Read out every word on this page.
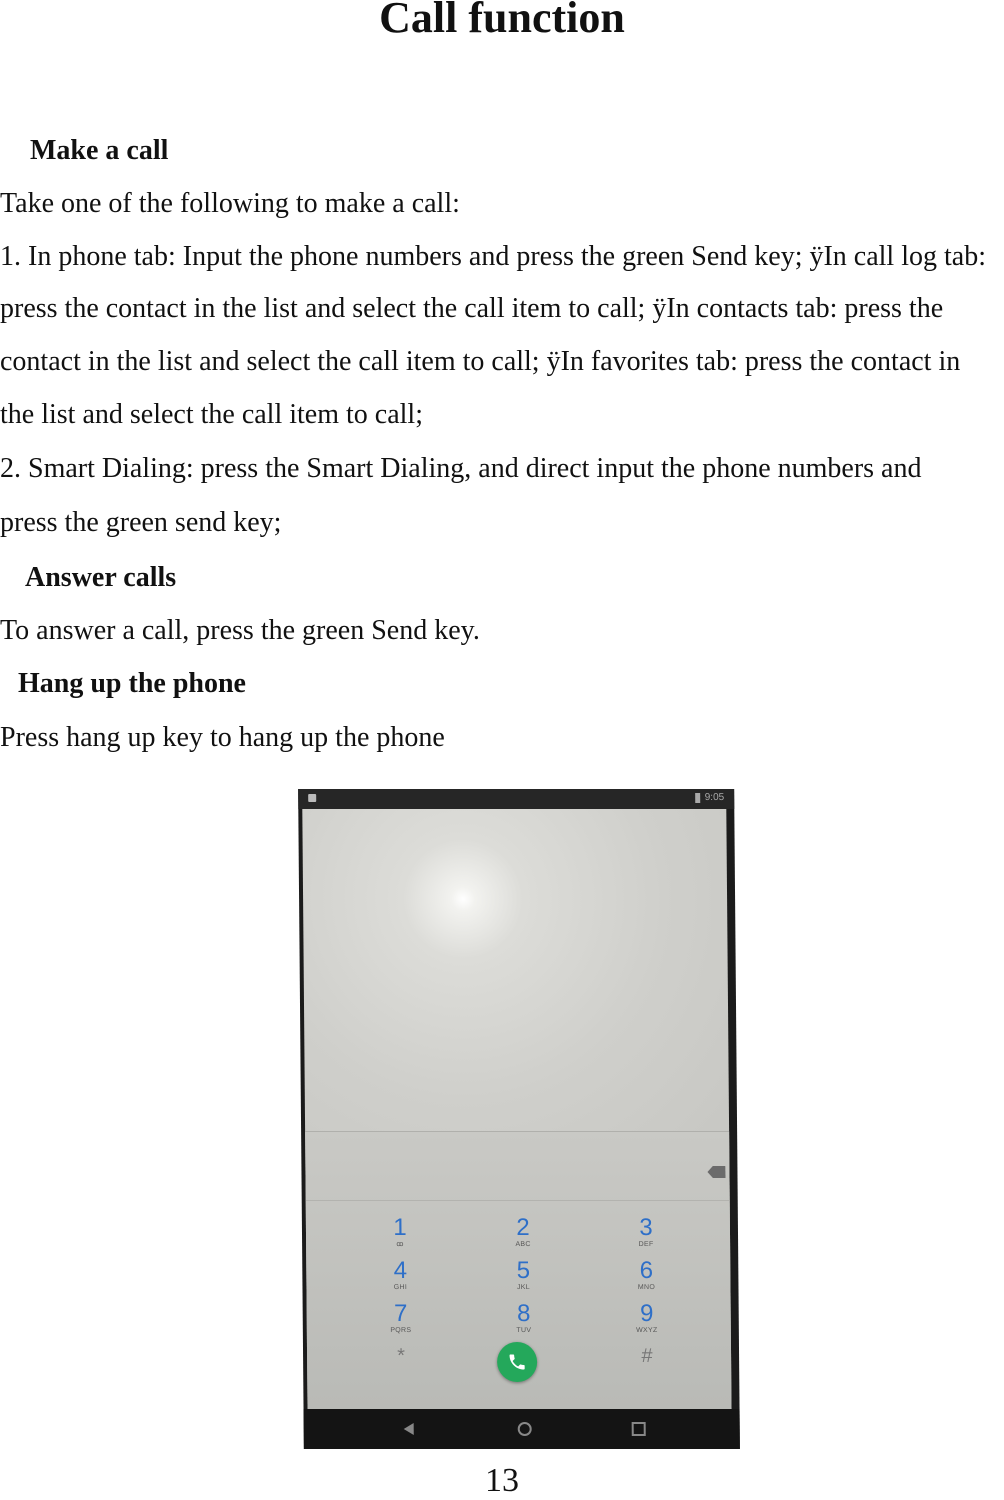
Call function
Make a call
Take one of the following to make a call:
1. In phone tab: Input the phone numbers and press the green Send key; ÿIn call log tab:
press the contact in the list and select the call item to call; ÿIn contacts tab: press the
contact in the list and select the call item to call; ÿIn favorites tab: press the contact in
the list and select the call item to call;
2. Smart Dialing: press the Smart Dialing, and direct input the phone numbers and
press the green send key;
Answer calls
To answer a call, press the green Send key.
Hang up the phone
Press hang up key to hang up the phone
9:05
1
ꝏ
2
ABC
3
DEF
4
GHI
5
JKL
6
MNO
7
PQRS
8
TUV
9
WXYZ
*	#
13
